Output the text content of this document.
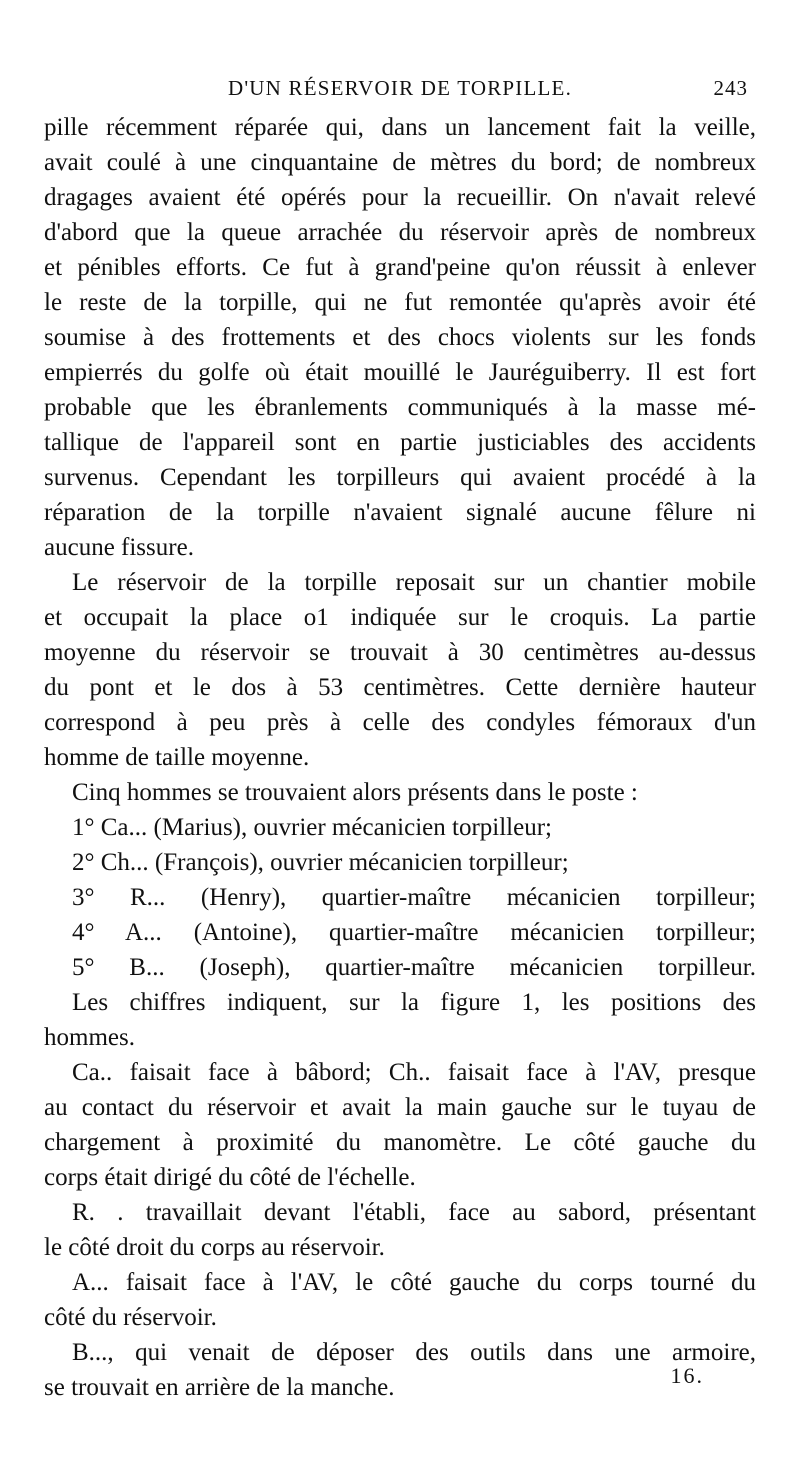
D'UN RÉSERVOIR DE TORPILLE.	243
pille récemment réparée qui, dans un lancement fait la veille,
avait coulé à une cinquantaine de mètres du bord; de nombreux
dragages avaient été opérés pour la recueillir. On n'avait relevé
d'abord que la queue arrachée du réservoir après de nombreux
et pénibles efforts. Ce fut à grand'peine qu'on réussit à enlever
le reste de la torpille, qui ne fut remontée qu'après avoir été
soumise à des frottements et des chocs violents sur les fonds
empierrés du golfe où était mouillé le Jauréguiberry. Il est fort
probable que les ébranlements communiqués à la masse mé-
tallique de l'appareil sont en partie justiciables des accidents
survenus. Cependant les torpilleurs qui avaient procédé à la
réparation de la torpille n'avaient signalé aucune fêlure ni
aucune fissure.
Le réservoir de la torpille reposait sur un chantier mobile
et occupait la place o1 indiquée sur le croquis. La partie
moyenne du réservoir se trouvait à 30 centimètres au-dessus
du pont et le dos à 53 centimètres. Cette dernière hauteur
correspond à peu près à celle des condyles fémoraux d'un
homme de taille moyenne.
Cinq hommes se trouvaient alors présents dans le poste :
1° Ca... (Marius), ouvrier mécanicien torpilleur;
2° Ch... (François), ouvrier mécanicien torpilleur;
3° R... (Henry), quartier-maître mécanicien torpilleur;
4° A... (Antoine), quartier-maître mécanicien torpilleur;
5° B... (Joseph), quartier-maître mécanicien torpilleur.
Les chiffres indiquent, sur la figure 1, les positions des
hommes.
Ca.. faisait face à bâbord; Ch.. faisait face à l'AV, presque
au contact du réservoir et avait la main gauche sur le tuyau de
chargement à proximité du manomètre. Le côté gauche du
corps était dirigé du côté de l'échelle.
R. . travaillait devant l'établi, face au sabord, présentant
le côté droit du corps au réservoir.
A... faisait face à l'AV, le côté gauche du corps tourné du
côté du réservoir.
B..., qui venait de déposer des outils dans une armoire,
se trouvait en arrière de la manche.	16.
